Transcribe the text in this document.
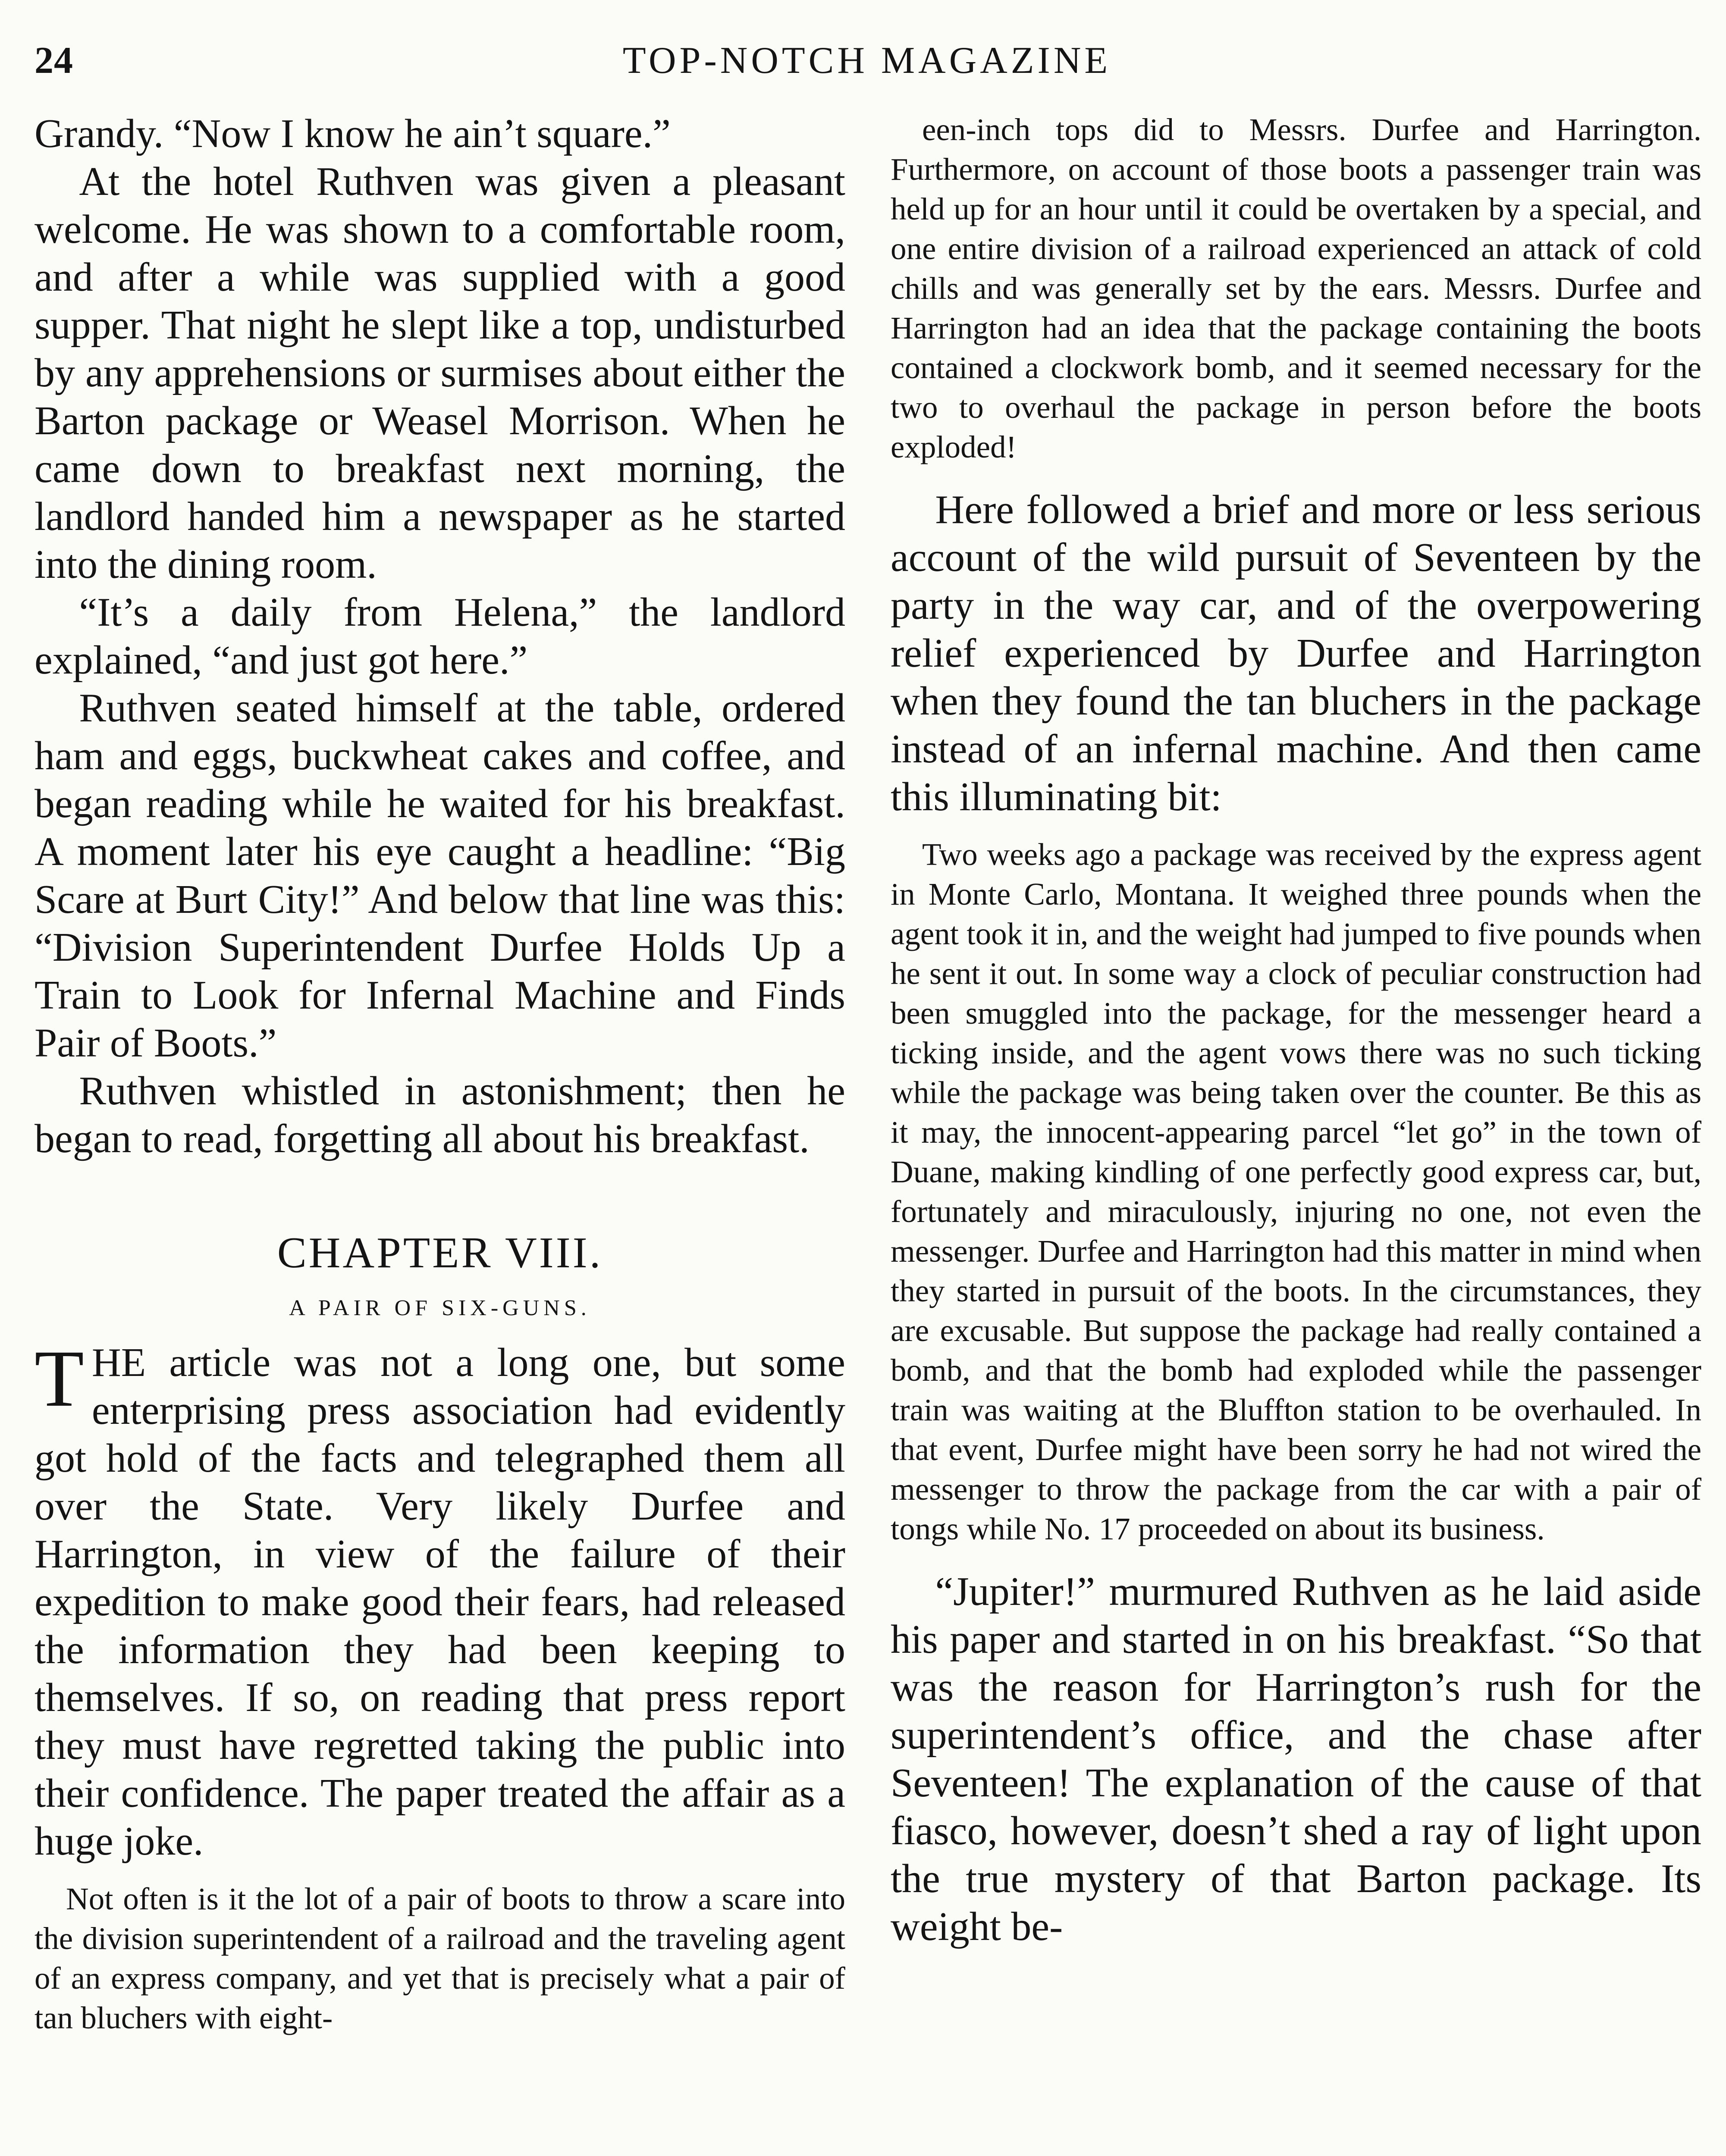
24	TOP-NOTCH MAGAZINE

Grandy. “Now I know he ain’t square.”

At the hotel Ruthven was given a pleasant welcome. He was shown to a comfortable room, and after a while was supplied with a good supper. That night he slept like a top, undisturbed by any apprehensions or surmises about either the Barton package or Weasel Morrison. When he came down to breakfast next morning, the landlord handed him a newspaper as he started into the dining room.

“It’s a daily from Helena,” the landlord explained, “and just got here.”

Ruthven seated himself at the table, ordered ham and eggs, buckwheat cakes and coffee, and began reading while he waited for his breakfast. A moment later his eye caught a headline: “Big Scare at Burt City!” And below that line was this: “Division Superintendent Durfee Holds Up a Train to Look for Infernal Machine and Finds Pair of Boots.”

Ruthven whistled in astonishment; then he began to read, forgetting all about his breakfast.

CHAPTER VIII.
A PAIR OF SIX-GUNS.

T HE article was not a long one, but some enterprising press association had evidently got hold of the facts and telegraphed them all over the State. Very likely Durfee and Harrington, in view of the failure of their expedition to make good their fears, had released the information they had been keeping to themselves. If so, on reading that press report they must have regretted taking the public into their confidence. The paper treated the affair as a huge joke.

Not often is it the lot of a pair of boots to throw a scare into the division superintendent of a railroad and the traveling agent of an express company, and yet that is precisely what a pair of tan bluchers with eight-

een-inch tops did to Messrs. Durfee and Harrington. Furthermore, on account of those boots a passenger train was held up for an hour until it could be overtaken by a special, and one entire division of a railroad experienced an attack of cold chills and was generally set by the ears. Messrs. Durfee and Harrington had an idea that the package containing the boots contained a clockwork bomb, and it seemed necessary for the two to overhaul the package in person before the boots exploded!

Here followed a brief and more or less serious account of the wild pursuit of Seventeen by the party in the way car, and of the overpowering relief experienced by Durfee and Harrington when they found the tan bluchers in the package instead of an infernal machine. And then came this illuminating bit:

Two weeks ago a package was received by the express agent in Monte Carlo, Montana. It weighed three pounds when the agent took it in, and the weight had jumped to five pounds when he sent it out. In some way a clock of peculiar construction had been smuggled into the package, for the messenger heard a ticking inside, and the agent vows there was no such ticking while the package was being taken over the counter. Be this as it may, the innocent-appearing parcel “let go” in the town of Duane, making kindling of one perfectly good express car, but, fortunately and miraculously, injuring no one, not even the messenger. Durfee and Harrington had this matter in mind when they started in pursuit of the boots. In the circumstances, they are excusable. But suppose the package had really contained a bomb, and that the bomb had exploded while the passenger train was waiting at the Bluffton station to be overhauled. In that event, Durfee might have been sorry he had not wired the messenger to throw the package from the car with a pair of tongs while No. 17 proceeded on about its business.

“Jupiter!” murmured Ruthven as he laid aside his paper and started in on his breakfast. “So that was the reason for Harrington’s rush for the superintendent’s office, and the chase after Seventeen! The explanation of the cause of that fiasco, however, doesn’t shed a ray of light upon the true mystery of that Barton package. Its weight be-
